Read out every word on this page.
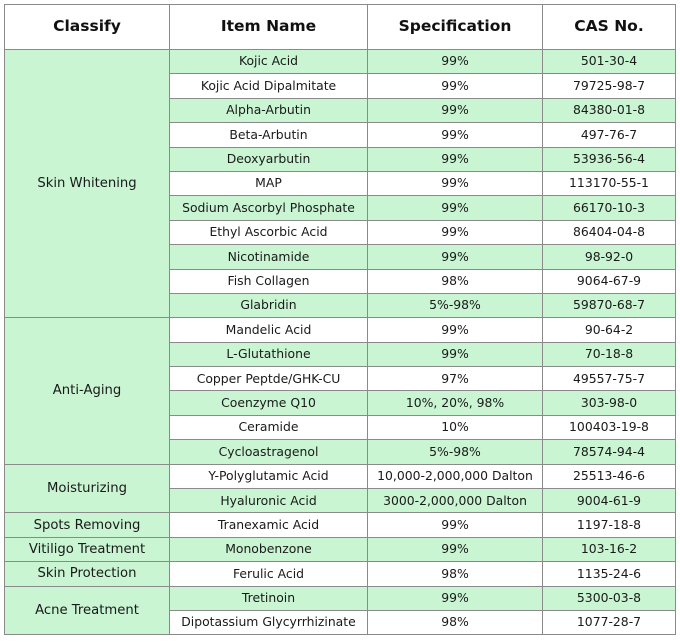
Classify	Item Name	Specification	CAS No.
Skin Whitening	Kojic Acid	99%	501-30-4
	Kojic Acid Dipalmitate	99%	79725-98-7
	Alpha-Arbutin	99%	84380-01-8
	Beta-Arbutin	99%	497-76-7
	Deoxyarbutin	99%	53936-56-4
	MAP	99%	113170-55-1
	Sodium Ascorbyl Phosphate	99%	66170-10-3
	Ethyl Ascorbic Acid	99%	86404-04-8
	Nicotinamide	99%	98-92-0
	Fish Collagen	98%	9064-67-9
	Glabridin	5%-98%	59870-68-7
Anti-Aging	Mandelic Acid	99%	90-64-2
	L-Glutathione	99%	70-18-8
	Copper Peptde/GHK-CU	97%	49557-75-7
	Coenzyme Q10	10%, 20%, 98%	303-98-0
	Ceramide	10%	100403-19-8
	Cycloastragenol	5%-98%	78574-94-4
Moisturizing	Y-Polyglutamic Acid	10,000-2,000,000 Dalton	25513-46-6
	Hyaluronic Acid	3000-2,000,000 Dalton	9004-61-9
Spots Removing	Tranexamic Acid	99%	1197-18-8
Vitiligo Treatment	Monobenzone	99%	103-16-2
Skin Protection	Ferulic Acid	98%	1135-24-6
Acne Treatment	Tretinoin	99%	5300-03-8
	Dipotassium Glycyrrhizinate	98%	1077-28-7
